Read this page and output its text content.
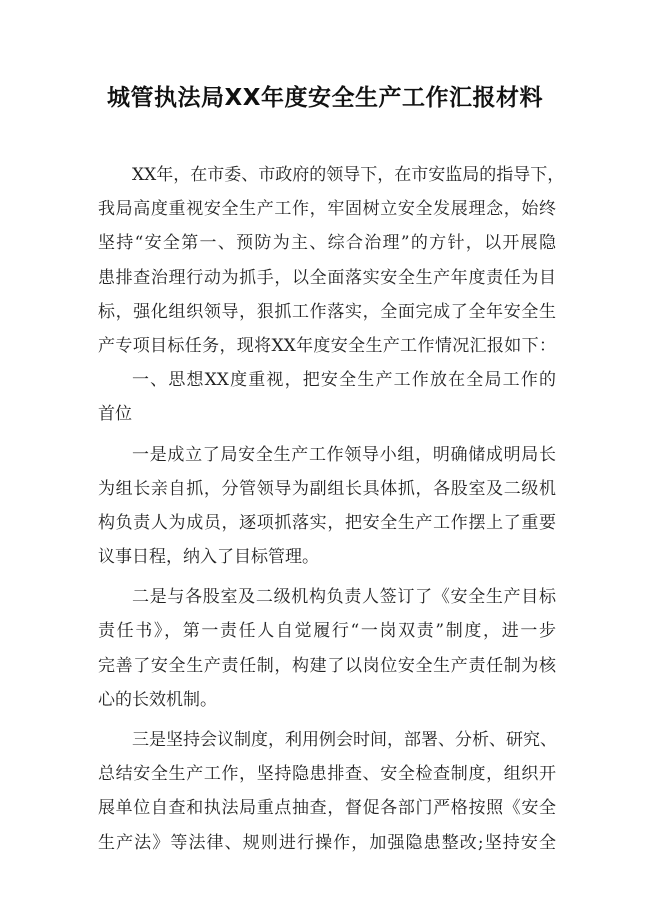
城管执法局XX年度安全生产工作汇报材料
XX年，在市委、市政府的领导下，在市安监局的指导下，
我局高度重视安全生产工作，牢固树立安全发展理念，始终
坚持“安全第一、预防为主、综合治理”的方针，以开展隐
患排查治理行动为抓手，以全面落实安全生产年度责任为目
标，强化组织领导，狠抓工作落实，全面完成了全年安全生
产专项目标任务，现将XX年度安全生产工作情况汇报如下：
一、思想XX度重视，把安全生产工作放在全局工作的
首位
一是成立了局安全生产工作领导小组，明确储成明局长
为组长亲自抓，分管领导为副组长具体抓，各股室及二级机
构负责人为成员，逐项抓落实，把安全生产工作摆上了重要
议事日程，纳入了目标管理。
二是与各股室及二级机构负责人签订了《安全生产目标
责任书》，第一责任人自觉履行“一岗双责”制度，进一步
完善了安全生产责任制，构建了以岗位安全生产责任制为核
心的长效机制。
三是坚持会议制度，利用例会时间，部署、分析、研究、
总结安全生产工作，坚持隐患排查、安全检查制度，组织开
展单位自查和执法局重点抽查，督促各部门严格按照《安全
生产法》等法律、规则进行操作，加强隐患整改;坚持安全
